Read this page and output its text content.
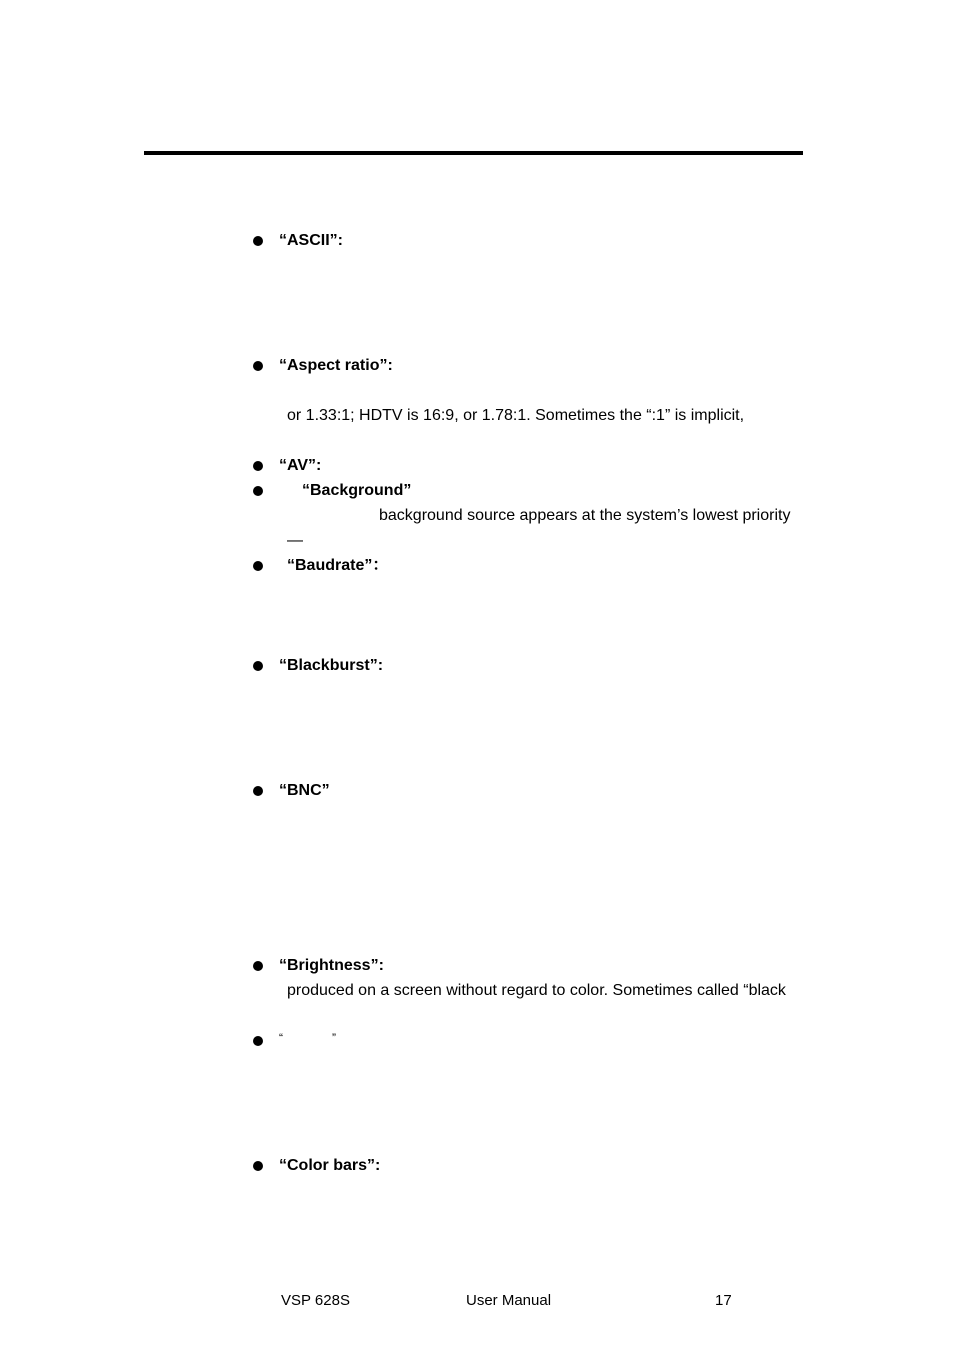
“ASCII”:
“Aspect ratio”:
or 1.33:1; HDTV is 16:9, or 1.78:1. Sometimes the “:1” is implicit,
“AV”:
“Background”
background source appears at the system’s lowest priority
—
“Baudrate”：
“Blackburst”:
“BNC”
“Brightness”:
produced on a screen without regard to color. Sometimes called “black
“	”
“Color bars”:
VSP 628S	User Manual	17
